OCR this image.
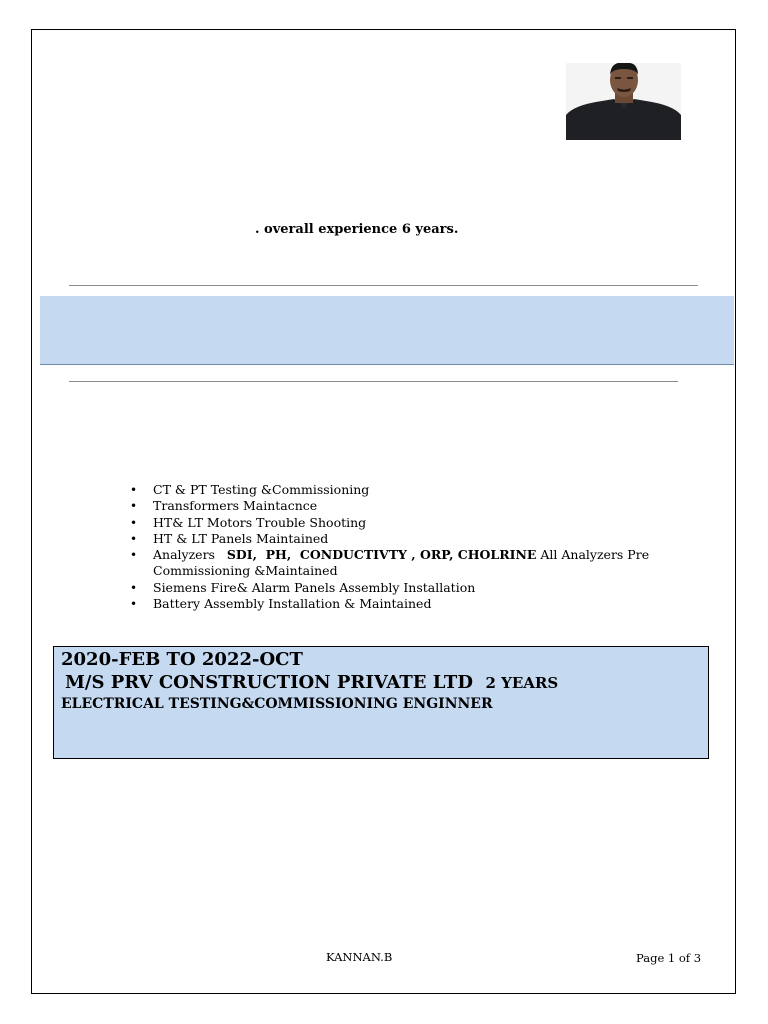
. overall experience 6 years.
• CT & PT Testing &Commissioning
• Transformers Maintacnce
• HT& LT Motors Trouble Shooting
• HT & LT Panels Maintained
• Analyzers   SDI,  PH,  CONDUCTIVTY , ORP, CHOLRINE All Analyzers Pre Commissioning &Maintained
• Siemens Fire& Alarm Panels Assembly Installation
• Battery Assembly Installation & Maintained
2020-FEB TO 2022-OCT
M/S PRV CONSTRUCTION PRIVATE LTD 2 YEARS
ELECTRICAL TESTING&COMMISSIONING ENGINNER
KANNAN.B	Page 1 of 3
